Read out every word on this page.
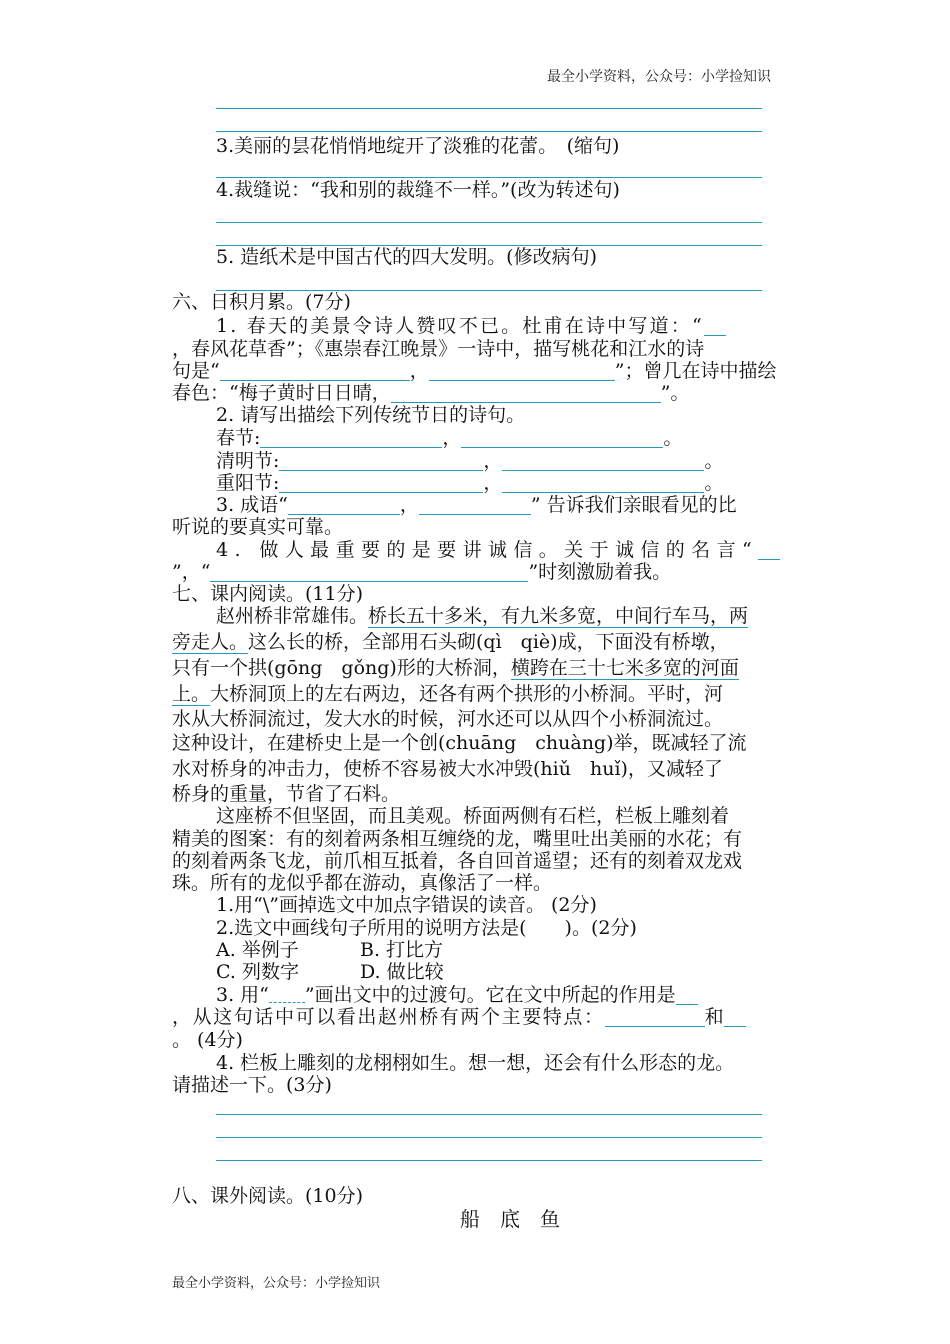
最全小学资料，公众号：小学捡知识
最全小学资料，公众号：小学捡知识
3.美丽的昙花悄悄地绽开了淡雅的花蕾。　(缩句)
4.裁缝说：“我和别的裁缝不一样。”(改为转述句)
5. 造纸术是中国古代的四大发明。(修改病句)
六、日积月累。(7分)
1. 春天的美景令诗人赞叹不已。杜甫在诗中写道：“
，春风花草香”；《惠崇春江晚景》一诗中，描写桃花和江水的诗
句是“	，	”；曾几在诗中描绘
春色：“梅子黄时日日晴，	”。
2. 请写出描绘下列传统节日的诗句。
春节:	，	。
清明节:	，	。
重阳节:	，	。
3. 成语“	，	” 告诉我们亲眼看见的比
听说的要真实可靠。
4. 做人最重要的是要讲诚信。关于诚信的名言“
”，“	”时刻激励着我。
七、课内阅读。(11分)
赵州桥非常雄伟。桥长五十多米，有九米多宽，中间行车马，两
旁走人。这么长的桥，全部用石头砌(qì　qiè)成，下面没有桥墩，
只有一个拱(gōng　gǒng)形的大桥洞，横跨在三十七米多宽的河面
上。大桥洞顶上的左右两边，还各有两个拱形的小桥洞。平时，河
水从大桥洞流过，发大水的时候，河水还可以从四个小桥洞流过。
这种设计，在建桥史上是一个创(chuāng　chuàng)举，既减轻了流
水对桥身的冲击力，使桥不容易被大水冲毁(hiǔ　huǐ)，又减轻了
桥身的重量，节省了石料。
这座桥不但坚固，而且美观。桥面两侧有石栏，栏板上雕刻着
精美的图案：有的刻着两条相互缠绕的龙，嘴里吐出美丽的水花；有
的刻着两条飞龙，前爪相互抵着，各自回首遥望；还有的刻着双龙戏
珠。所有的龙似乎都在游动，真像活了一样。
1.用“\”画掉选文中加点字错误的读音。 (2分)
2.选文中画线句子所用的说明方法是(　　)。(2分)
A. 举例子	B. 打比方
C. 列数字	D. 做比较
3. 用“ ”画出文中的过渡句。它在文中所起的作用是
，从这句话中可以看出赵州桥有两个主要特点：	和
。 (4分)
4. 栏板上雕刻的龙栩栩如生。想一想，还会有什么形态的龙。
请描述一下。(3分)
八、课外阅读。(10分)
船　底　鱼
